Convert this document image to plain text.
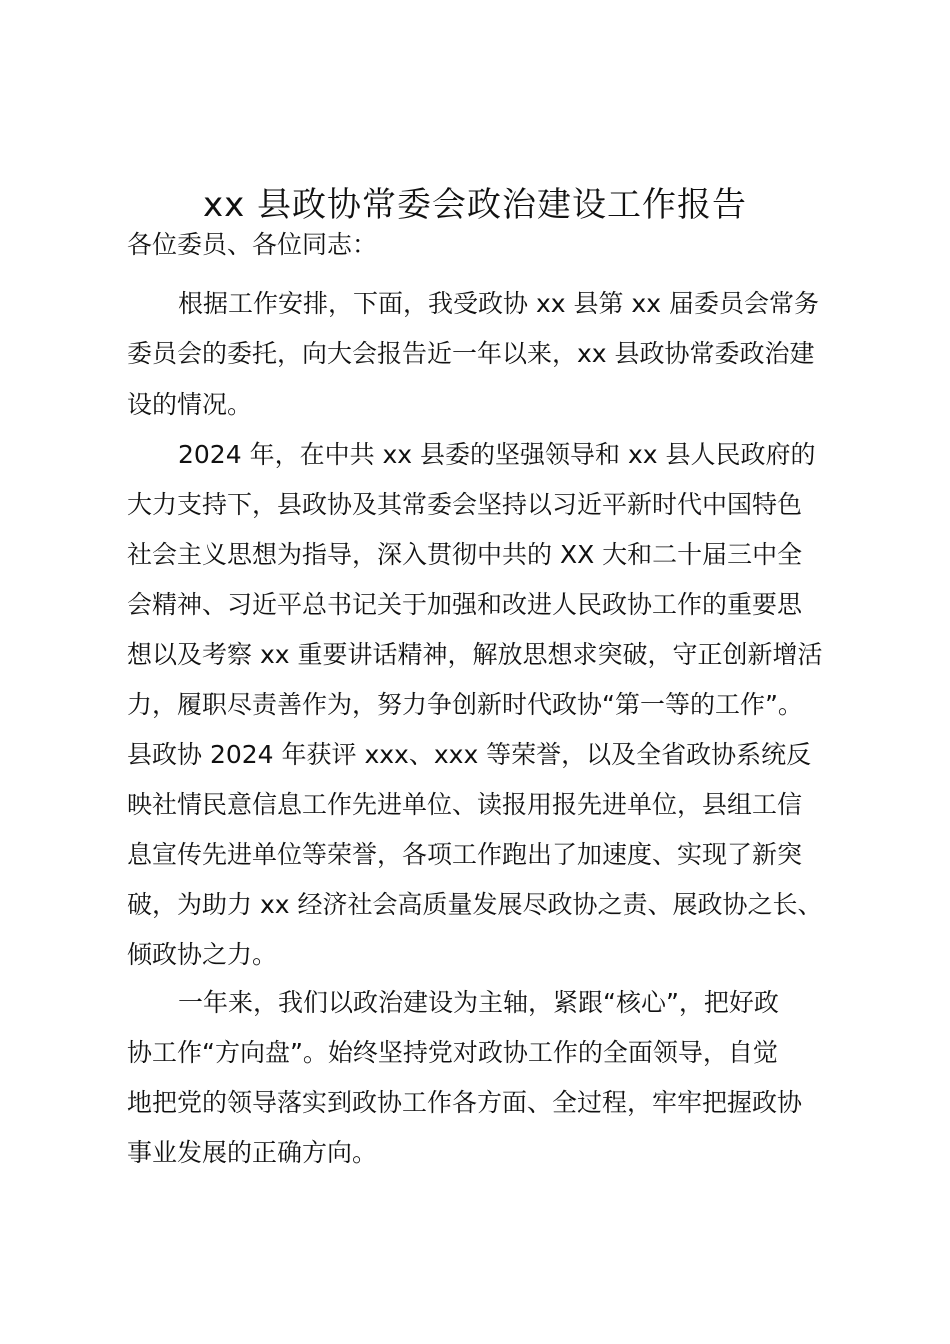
xx 县政协常委会政治建设工作报告
各位委员、各位同志：
根据工作安排，下面，我受政协 xx 县第 xx 届委员会常务
委员会的委托，向大会报告近一年以来，xx 县政协常委政治建
设的情况。
2024 年，在中共 xx 县委的坚强领导和 xx 县人民政府的
大力支持下，县政协及其常委会坚持以习近平新时代中国特色
社会主义思想为指导，深入贯彻中共的 XX 大和二十届三中全
会精神、习近平总书记关于加强和改进人民政协工作的重要思
想以及考察 xx 重要讲话精神，解放思想求突破，守正创新增活
力，履职尽责善作为，努力争创新时代政协“第一等的工作”。
县政协 2024 年获评 xxx、xxx 等荣誉，以及全省政协系统反
映社情民意信息工作先进单位、读报用报先进单位，县组工信
息宣传先进单位等荣誉，各项工作跑出了加速度、实现了新突
破，为助力 xx 经济社会高质量发展尽政协之责、展政协之长、
倾政协之力。
一年来，我们以政治建设为主轴，紧跟“核心”，把好政
协工作“方向盘”。始终坚持党对政协工作的全面领导，自觉
地把党的领导落实到政协工作各方面、全过程，牢牢把握政协
事业发展的正确方向。
